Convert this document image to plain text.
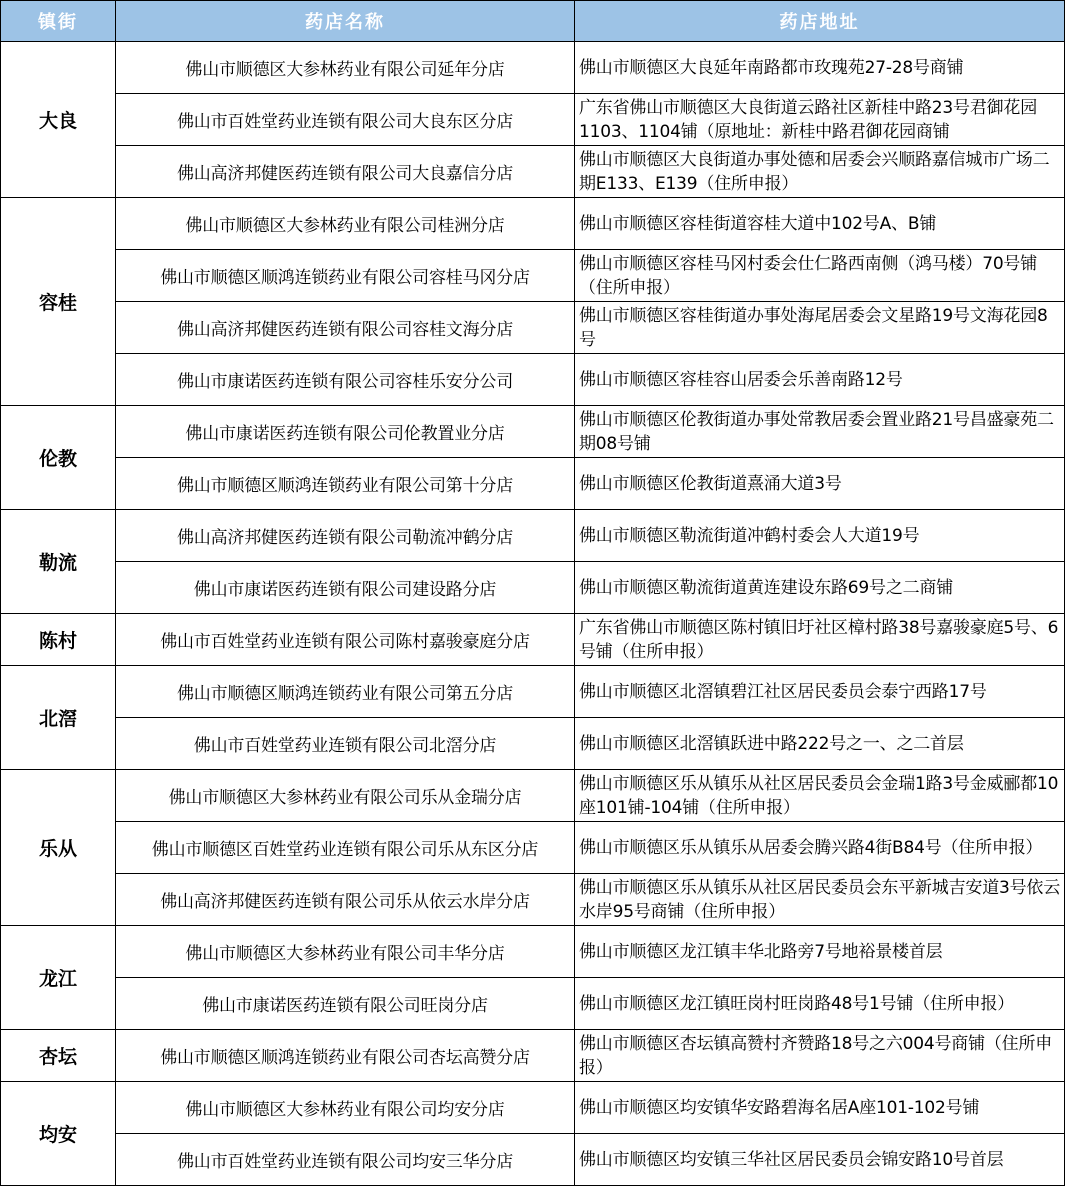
镇街	药店名称	药店地址
大良	佛山市顺德区大参林药业有限公司延年分店	佛山市顺德区大良延年南路都市玫瑰苑27-28号商铺
	佛山市百姓堂药业连锁有限公司大良东区分店	广东省佛山市顺德区大良街道云路社区新桂中路23号君御花园1103、1104铺（原地址：新桂中路君御花园商铺
	佛山高济邦健医药连锁有限公司大良嘉信分店	佛山市顺德区大良街道办事处德和居委会兴顺路嘉信城市广场二期E133、E139（住所申报）
容桂	佛山市顺德区大参林药业有限公司桂洲分店	佛山市顺德区容桂街道容桂大道中102号A、B铺
	佛山市顺德区顺鸿连锁药业有限公司容桂马冈分店	佛山市顺德区容桂马冈村委会仕仁路西南侧（鸿马楼）70号铺（住所申报）
	佛山高济邦健医药连锁有限公司容桂文海分店	佛山市顺德区容桂街道办事处海尾居委会文星路19号文海花园8号
	佛山市康诺医药连锁有限公司容桂乐安分公司	佛山市顺德区容桂容山居委会乐善南路12号
伦教	佛山市康诺医药连锁有限公司伦教置业分店	佛山市顺德区伦教街道办事处常教居委会置业路21号昌盛豪苑二期08号铺
	佛山市顺德区顺鸿连锁药业有限公司第十分店	佛山市顺德区伦教街道熹涌大道3号
勒流	佛山高济邦健医药连锁有限公司勒流冲鹤分店	佛山市顺德区勒流街道冲鹤村委会人大道19号
	佛山市康诺医药连锁有限公司建设路分店	佛山市顺德区勒流街道黄连建设东路69号之二商铺
陈村	佛山市百姓堂药业连锁有限公司陈村嘉骏豪庭分店	广东省佛山市顺德区陈村镇旧圩社区樟村路38号嘉骏豪庭5号、6号铺（住所申报）
北滘	佛山市顺德区顺鸿连锁药业有限公司第五分店	佛山市顺德区北滘镇碧江社区居民委员会泰宁西路17号
	佛山市百姓堂药业连锁有限公司北滘分店	佛山市顺德区北滘镇跃进中路222号之一、之二首层
乐从	佛山市顺德区大参林药业有限公司乐从金瑞分店	佛山市顺德区乐从镇乐从社区居民委员会金瑞1路3号金威郦都10座101铺-104铺（住所申报）
	佛山市顺德区百姓堂药业连锁有限公司乐从东区分店	佛山市顺德区乐从镇乐从居委会腾兴路4街B84号（住所申报）
	佛山高济邦健医药连锁有限公司乐从依云水岸分店	佛山市顺德区乐从镇乐从社区居民委员会东平新城吉安道3号依云水岸95号商铺（住所申报）
龙江	佛山市顺德区大参林药业有限公司丰华分店	佛山市顺德区龙江镇丰华北路旁7号地裕景楼首层
	佛山市康诺医药连锁有限公司旺岗分店	佛山市顺德区龙江镇旺岗村旺岗路48号1号铺（住所申报）
杏坛	佛山市顺德区顺鸿连锁药业有限公司杏坛高赞分店	佛山市顺德区杏坛镇高赞村齐赞路18号之六004号商铺（住所申报）
均安	佛山市顺德区大参林药业有限公司均安分店	佛山市顺德区均安镇华安路碧海名居A座101-102号铺
	佛山市百姓堂药业连锁有限公司均安三华分店	佛山市顺德区均安镇三华社区居民委员会锦安路10号首层
